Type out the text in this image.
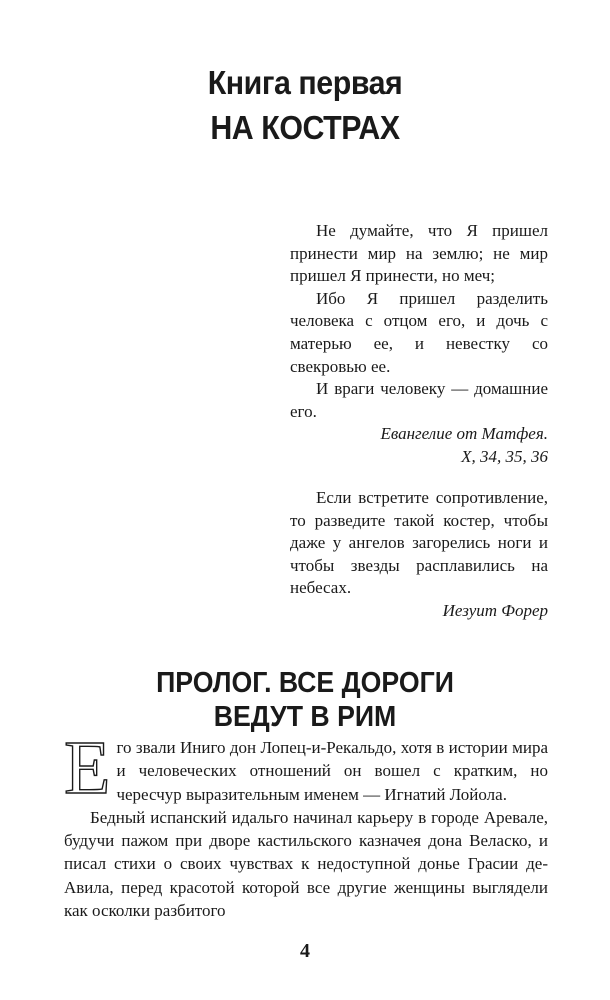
Книга первая
НА КОСТРАХ

Не думайте, что Я пришел принести мир на землю; не мир пришел Я принести, но меч;

Ибо Я пришел разделить человека с отцом его, и дочь с матерью ее, и невестку со свекровью ее.

И враги человеку — домашние его.

Евангелие от Матфея.

X, 34, 35, 36

Если встретите сопротивление, то разведите такой костер, чтобы даже у ангелов загорелись ноги и чтобы звезды расплавились на небесах.

Иезуит Форер

ПРОЛОГ. ВСЕ ДОРОГИ
ВЕДУТ В РИМ

Его звали Иниго дон Лопец-и-Рекальдо, хотя в истории мира и человеческих отношений он вошел с кратким, но чересчур выразительным именем — Игнатий Лойола.

Бедный испанский идальго начинал карьеру в городе Аревале, будучи пажом при дворе кастильского казначея дона Веласко, и писал стихи о своих чувствах к недоступной донье Грасии де-Авила, перед красотой которой все другие женщины выглядели как осколки разбитого

4
